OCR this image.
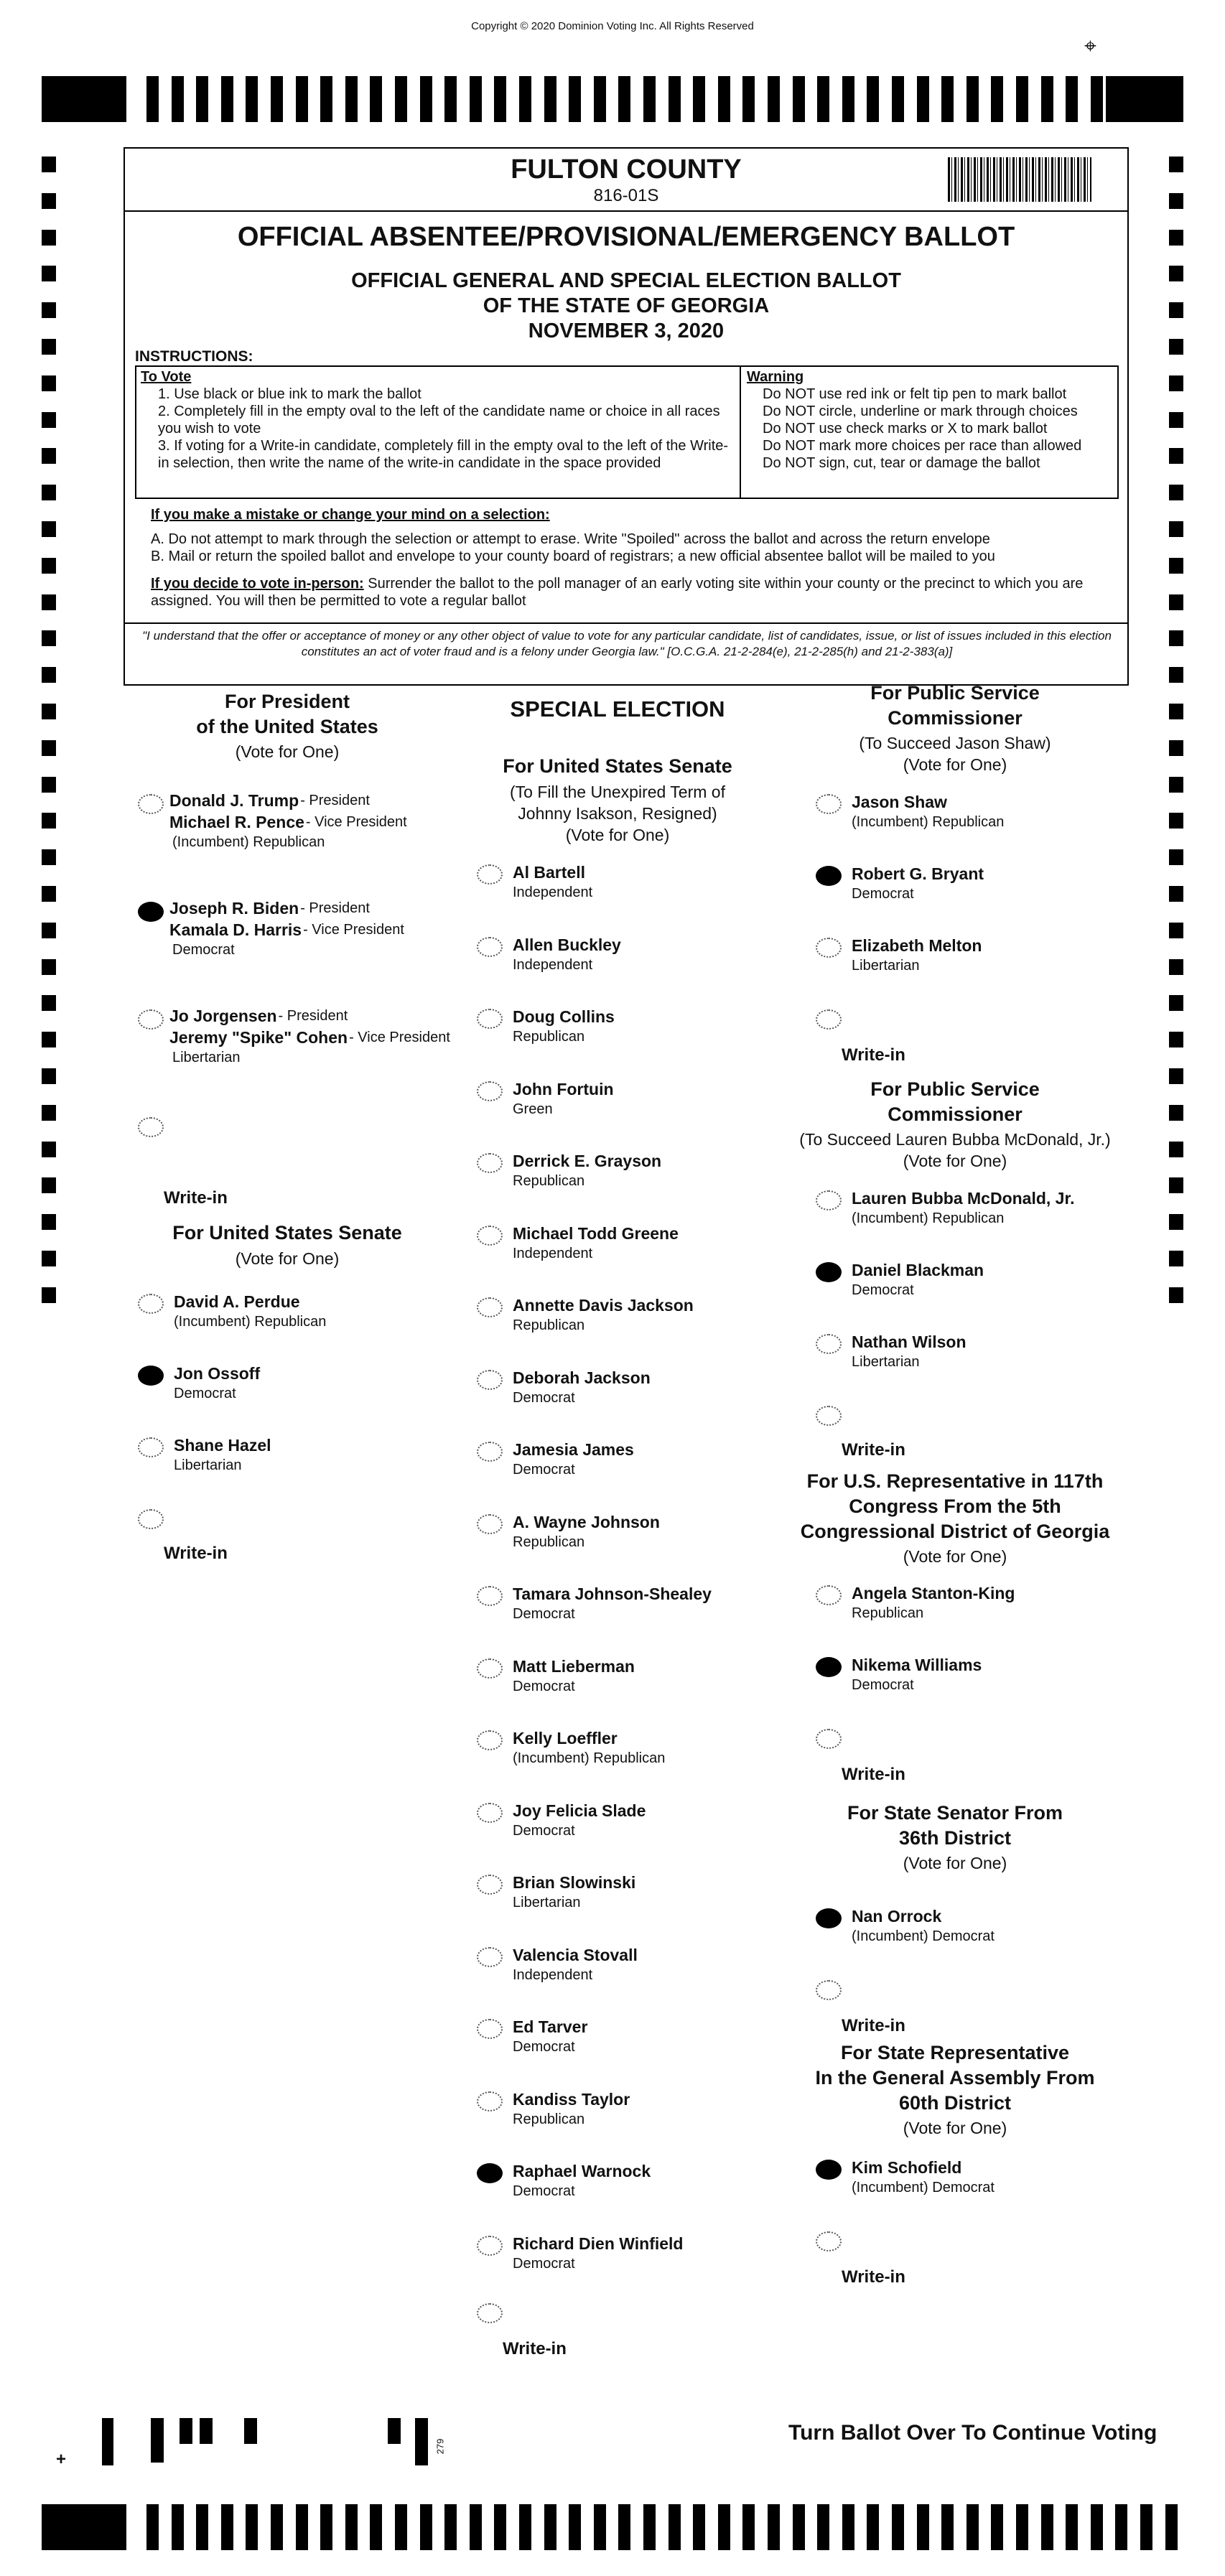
Copyright © 2020 Dominion Voting Inc. All Rights Reserved
⌖
FULTON COUNTY
816-01S
OFFICIAL ABSENTEE/PROVISIONAL/EMERGENCY BALLOT
OFFICIAL GENERAL AND SPECIAL ELECTION BALLOT
OF THE STATE OF GEORGIA
NOVEMBER 3, 2020
INSTRUCTIONS:
To Vote
1. Use black or blue ink to mark the ballot
2. Completely fill in the empty oval to the left of the candidate name or choice in all races you wish to vote
3. If voting for a Write-in candidate, completely fill in the empty oval to the left of the Write-in selection, then write the name of the write-in candidate in the space provided
Warning
Do NOT use red ink or felt tip pen to mark ballot
Do NOT circle, underline or mark through choices
Do NOT use check marks or X to mark ballot
Do NOT mark more choices per race than allowed
Do NOT sign, cut, tear or damage the ballot
If you make a mistake or change your mind on a selection:
A. Do not attempt to mark through the selection or attempt to erase. Write "Spoiled" across the ballot and across the return envelope
B. Mail or return the spoiled ballot and envelope to your county board of registrars; a new official absentee ballot will be mailed to you
If you decide to vote in-person: Surrender the ballot to the poll manager of an early voting site within your county or the precinct to which you are assigned. You will then be permitted to vote a regular ballot
"I understand that the offer or acceptance of money or any other object of value to vote for any particular candidate, list of candidates, issue, or list of issues included in this election constitutes an act of voter fraud and is a felony under Georgia law." [O.C.G.A. 21-2-284(e), 21-2-285(h) and 21-2-383(a)]
+
279
Turn Ballot Over To Continue Voting
For President
of the United States
(Vote for One)
Donald J. Trump - President
Michael R. Pence - Vice President
(Incumbent) Republican
Joseph R. Biden - President
Kamala D. Harris - Vice President
Democrat
Jo Jorgensen - President
Jeremy "Spike" Cohen - Vice President
Libertarian
Write-in
For United States Senate
(Vote for One)
David A. Perdue
(Incumbent) Republican
Jon Ossoff
Democrat
Shane Hazel
Libertarian
Write-in
SPECIAL ELECTION
For United States Senate
(To Fill the Unexpired Term of
Johnny Isakson, Resigned)
(Vote for One)
Al Bartell
Independent
Allen Buckley
Independent
Doug Collins
Republican
John Fortuin
Green
Derrick E. Grayson
Republican
Michael Todd Greene
Independent
Annette Davis Jackson
Republican
Deborah Jackson
Democrat
Jamesia James
Democrat
A. Wayne Johnson
Republican
Tamara Johnson-Shealey
Democrat
Matt Lieberman
Democrat
Kelly Loeffler
(Incumbent) Republican
Joy Felicia Slade
Democrat
Brian Slowinski
Libertarian
Valencia Stovall
Independent
Ed Tarver
Democrat
Kandiss Taylor
Republican
Raphael Warnock
Democrat
Richard Dien Winfield
Democrat
Write-in
For Public Service
Commissioner
(To Succeed Jason Shaw)
(Vote for One)
Jason Shaw
(Incumbent) Republican
Robert G. Bryant
Democrat
Elizabeth Melton
Libertarian
Write-in
For Public Service
Commissioner
(To Succeed Lauren Bubba McDonald, Jr.)
(Vote for One)
Lauren Bubba McDonald, Jr.
(Incumbent) Republican
Daniel Blackman
Democrat
Nathan Wilson
Libertarian
Write-in
For U.S. Representative in 117th
Congress From the 5th
Congressional District of Georgia
(Vote for One)
Angela Stanton-King
Republican
Nikema Williams
Democrat
Write-in
For State Senator From
36th District
(Vote for One)
Nan Orrock
(Incumbent) Democrat
Write-in
For State Representative
In the General Assembly From
60th District
(Vote for One)
Kim Schofield
(Incumbent) Democrat
Write-in
